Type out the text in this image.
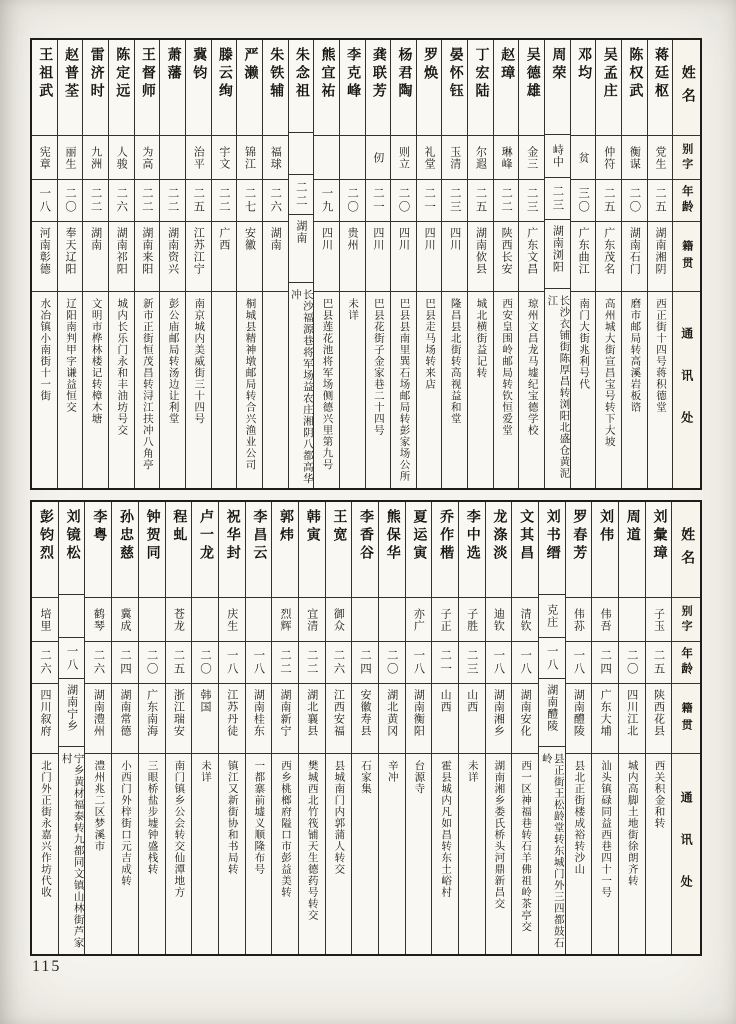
姓名
别字
年龄
籍贯
通讯处
蒋廷枢
党生
二五
湖南湘阴
西正街十四号蒋积德堂
陈权武
衡谋
二〇
湖南石门
磨市邮局转高溪岩板谘
吴孟庄
仲符
二五
广东茂名
高州城大街宣昌宝号转下大坡
邓均
贫
三〇
广东曲江
南门大街兆利号代
周荣
峙中
二三
湖南浏阳
长沙衣铺街陈厚昌转浏阳北盛仓黄泥江
吴德雄
金三
二三
广东文昌
琼州文昌龙马墟纪宝德学校
赵璋
琳峰
二二
陕西长安
西安皇围岭邮局转钦恒爱堂
丁宏陆
尔遐
二五
湖南佽县
城北横街益记转
晏怀钰
玉清
二三
四川
隆昌县北街转高视益和堂
罗焕
礼堂
二一
四川
巴县走马场转来店
杨君陶
则立
二〇
四川
巴县县南里巽石场邮局转彭家场公所
龚联芳
仞
二一
四川
巴县花街子金家巷二十四号
李克峰
二〇
贵州
未详
熊宜祐
一九
四川
巴县莲花池将军场侧德兴里第九号
朱念祖
二二
湖南
长沙福源巷将军场益农庄湘阴八都高华冲
朱铁辅
福球
二六
湖南
严濑
锦江
二七
安徽
桐城县精神墩邮局转合兴渔业公司
滕云绚
宇文
二二
广西
冀钧
治平
二五
江苏江宁
南京城内美威街三十四号
萧藩
二二
湖南资兴
彭公庙邮局转汤边让利堂
王督师
为高
二二
湖南来阳
新市正街恒茂昌转浔江扶冲八角亭
陈定远
人骏
二六
湖南祁阳
城内长乐门永和丰油坊号交
雷济时
九洲
二二
湖南
文明市桦林楼记转樟木塘
赵普荃
丽生
二〇
奉天辽阳
辽阳南判甲字谦益恒交
王祖武
宪章
一八
河南彰德
水冶镇小南街十一街
姓名
别字
年龄
籍贯
通讯处
刘彙璋
子玉
二五
陕西花县
西关积金和转
周道
二〇
四川江北
城内高脚土地街徐朗齐转
刘伟
伟吾
二四
广东大埔
汕头镇碌同益西巷四十一号
罗春芳
伟荪
一八
湖南醴陵
县北正街楼成裕转沙山
刘书缙
克庄
一八
湖南醴陵
县正街王松龄堂转东城门外三四都鼓石岭
文其昌
清钦
一八
湖南安化
西一区神福巷转石羊佛祖岭茶亭交
龙涤淡
迪钦
一八
湖南湘乡
湖南湘乡娄氏桥头河鼎新昌交
李中选
子胜
二三
山西
未详
乔作楷
子正
二一
山西
霍县城内凡如昌转东土峪村
夏运寅
亦广
一八
湖南衡阳
台源寺
熊保华
二〇
湖北黄冈
辛冲
李香谷
二四
安徽寿县
石家集
王宽
御众
二六
江西安福
县城南门内郭蒲人转交
韩寅
宜清
二二
湖北襄县
樊城西北竹筏铺天生德药号转交
郭炜
烈辉
二二
湖南新宁
西乡桃榔府隘口市彭益美转
李昌云
一八
湖南桂东
一都寨前墟义顺隆布号
祝华封
庆生
一八
江苏丹徒
镇江又新街协和书局转
卢一龙
二〇
韩国
未详
程虬
苍龙
二五
浙江瑞安
南门镇乡公会转交仙潭地方
钟贺同
二〇
广东南海
三眼桥盐步墟钟盛栈转
孙忠慈
冀成
二四
湖南常德
小西门外梓街口元吉成转
李粤
鹤琴
二六
湖南澧州
澧州兆二区梦溪市
刘镜松
一八
湖南宁乡
宁乡黄材福泰转九都同文镇山林街芦家村
彭钧烈
培里
二六
四川叙府
北门外正街永嘉兴作坊代收
115
